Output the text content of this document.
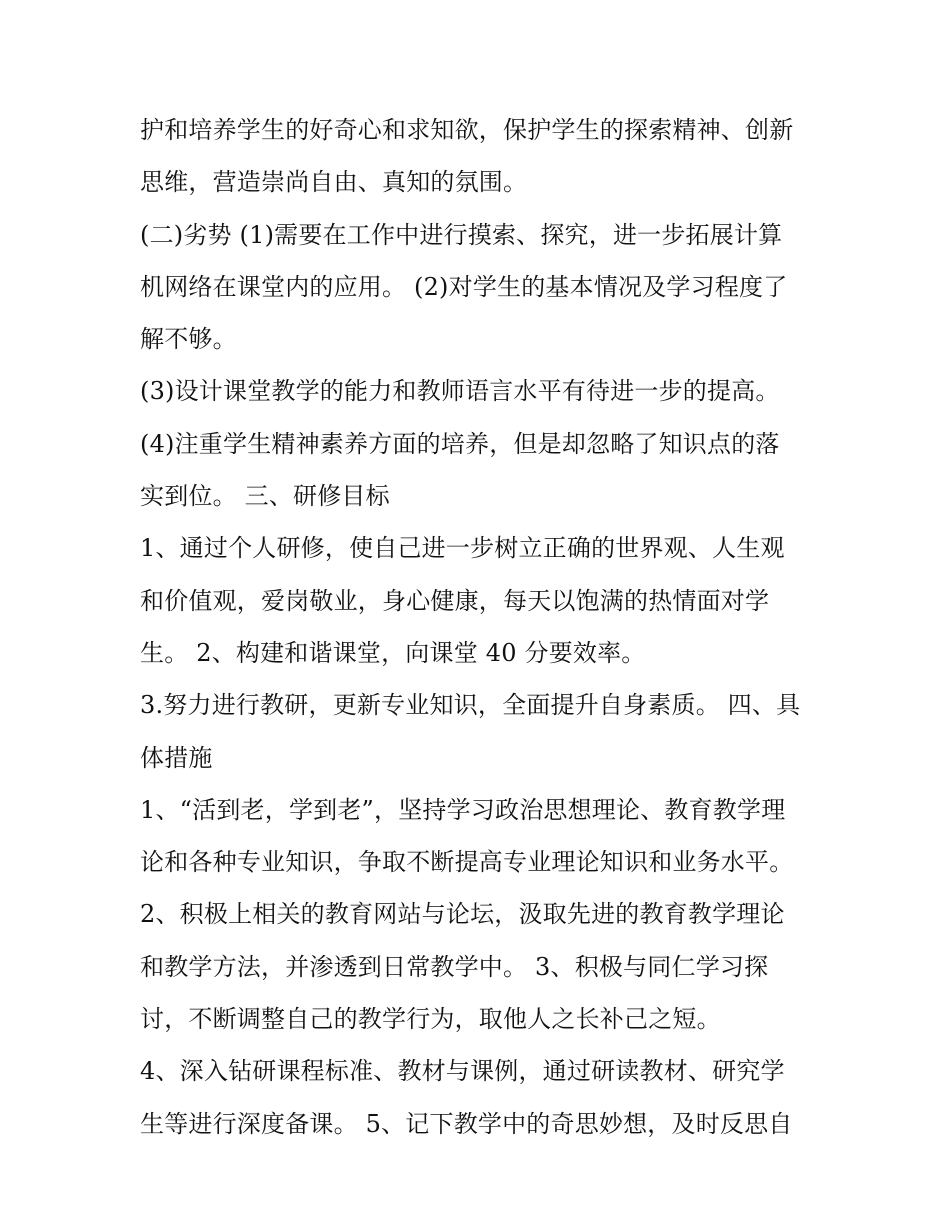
护和培养学生的好奇心和求知欲，保护学生的探索精神、创新
思维，营造崇尚自由、真知的氛围。
(二)劣势 (1)需要在工作中进行摸索、探究，进一步拓展计算
机网络在课堂内的应用。 (2)对学生的基本情况及学习程度了
解不够。
(3)设计课堂教学的能力和教师语言水平有待进一步的提高。
(4)注重学生精神素养方面的培养，但是却忽略了知识点的落
实到位。 三、研修目标
1、通过个人研修，使自己进一步树立正确的世界观、人生观
和价值观，爱岗敬业，身心健康，每天以饱满的热情面对学
生。 2、构建和谐课堂，向课堂 40 分要效率。
3.努力进行教研，更新专业知识，全面提升自身素质。 四、具
体措施
1、“活到老，学到老”，坚持学习政治思想理论、教育教学理
论和各种专业知识，争取不断提高专业理论知识和业务水平。
2、积极上相关的教育网站与论坛，汲取先进的教育教学理论
和教学方法，并渗透到日常教学中。 3、积极与同仁学习探
讨，不断调整自己的教学行为，取他人之长补己之短。
4、深入钻研课程标准、教材与课例，通过研读教材、研究学
生等进行深度备课。 5、记下教学中的奇思妙想，及时反思自
